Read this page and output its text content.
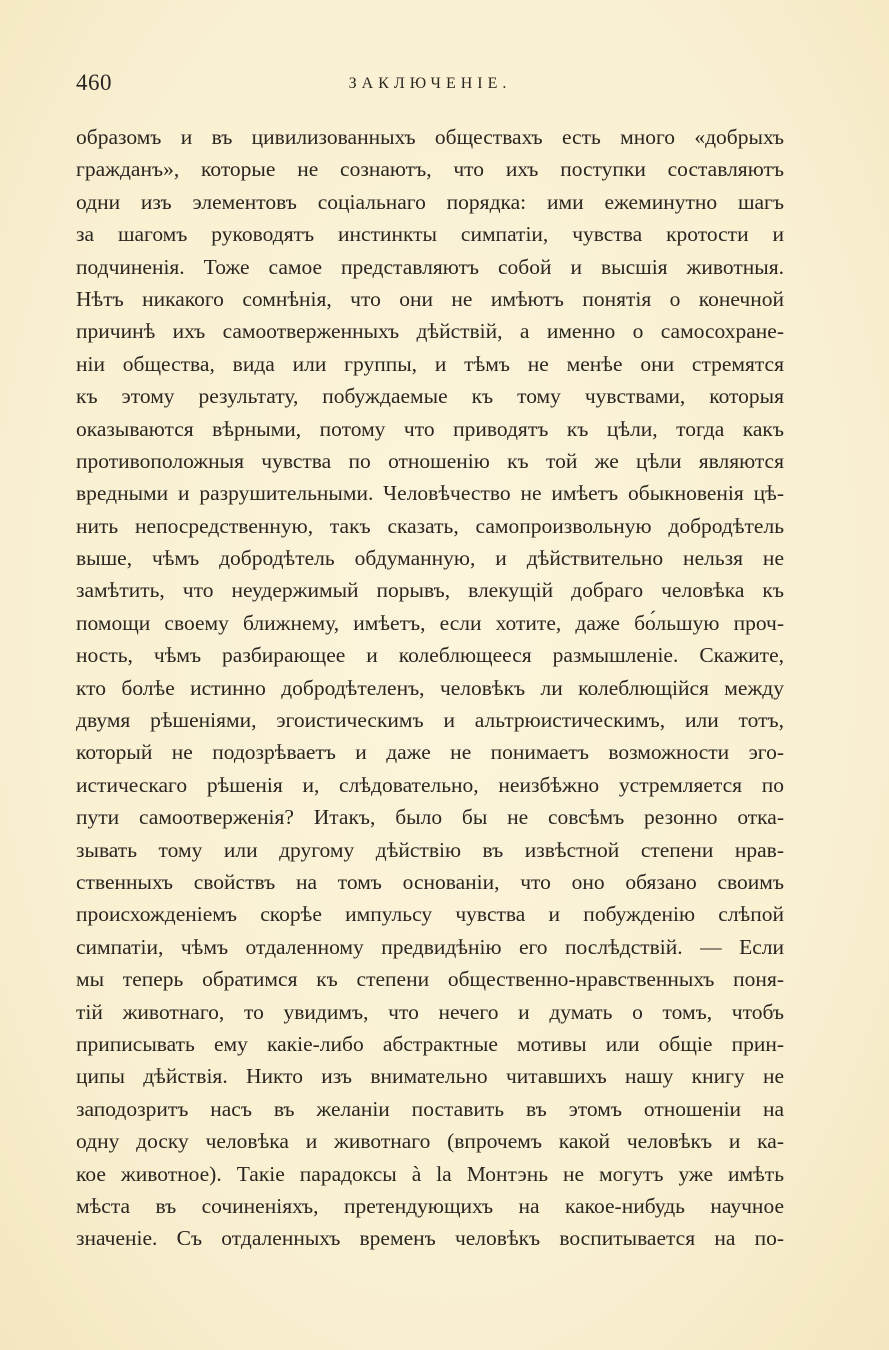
460	ЗАКЛЮЧЕНІЕ.
образомъ и въ цивилизованныхъ обществахъ есть много «добрыхъ
гражданъ», которые не сознаютъ, что ихъ поступки составляютъ
одни изъ элементовъ соціальнаго порядка: ими ежеминутно шагъ
за шагомъ руководятъ инстинкты симпатіи, чувства кротости и
подчиненія. Тоже самое представляютъ собой и высшія животныя.
Нѣтъ никакого сомнѣнія, что они не имѣютъ понятія о конечной
причинѣ ихъ самоотверженныхъ дѣйствій, а именно о самосохране-
ніи общества, вида или группы, и тѣмъ не менѣе они стремятся
къ этому результату, побуждаемые къ тому чувствами, которыя
оказываются вѣрными, потому что приводятъ къ цѣли, тогда какъ
противоположныя чувства по отношенію къ той же цѣли являются
вредными и разрушительными. Человѣчество не имѣетъ обыкновенія цѣ-
нить непосредственную, такъ сказать, самопроизвольную добродѣтель
выше, чѣмъ добродѣтель обдуманную, и дѣйствительно нельзя не
замѣтить, что неудержимый порывъ, влекущій добраго человѣка къ
помощи своему ближнему, имѣетъ, если хотите, даже бо́льшую проч-
ность, чѣмъ разбирающее и колеблющееся размышленіе. Скажите,
кто болѣе истинно добродѣтеленъ, человѣкъ ли колеблющійся между
двумя рѣшеніями, эгоистическимъ и альтрюистическимъ, или тотъ,
который не подозрѣваетъ и даже не понимаетъ возможности эго-
истическаго рѣшенія и, слѣдовательно, неизбѣжно устремляется по
пути самоотверженія? Итакъ, было бы не совсѣмъ резонно отка-
зывать тому или другому дѣйствію въ извѣстной степени нрав-
ственныхъ свойствъ на томъ основаніи, что оно обязано своимъ
происхожденіемъ скорѣе импульсу чувства и побужденію слѣпой
симпатіи, чѣмъ отдаленному предвидѣнію его послѣдствій. — Если
мы теперь обратимся къ степени общественно-нравственныхъ поня-
тій животнаго, то увидимъ, что нечего и думать о томъ, чтобъ
приписывать ему какіе-либо абстрактные мотивы или общіе прин-
ципы дѣйствія. Никто изъ внимательно читавшихъ нашу книгу не
заподозритъ насъ въ желаніи поставить въ этомъ отношеніи на
одну доску человѣка и животнаго (впрочемъ какой человѣкъ и ка-
кое животное). Такіе парадоксы à la Монтэнь не могутъ уже имѣть
мѣста въ сочиненіяхъ, претендующихъ на какое-нибудь научное
значеніе. Съ отдаленныхъ временъ человѣкъ воспитывается на по-
